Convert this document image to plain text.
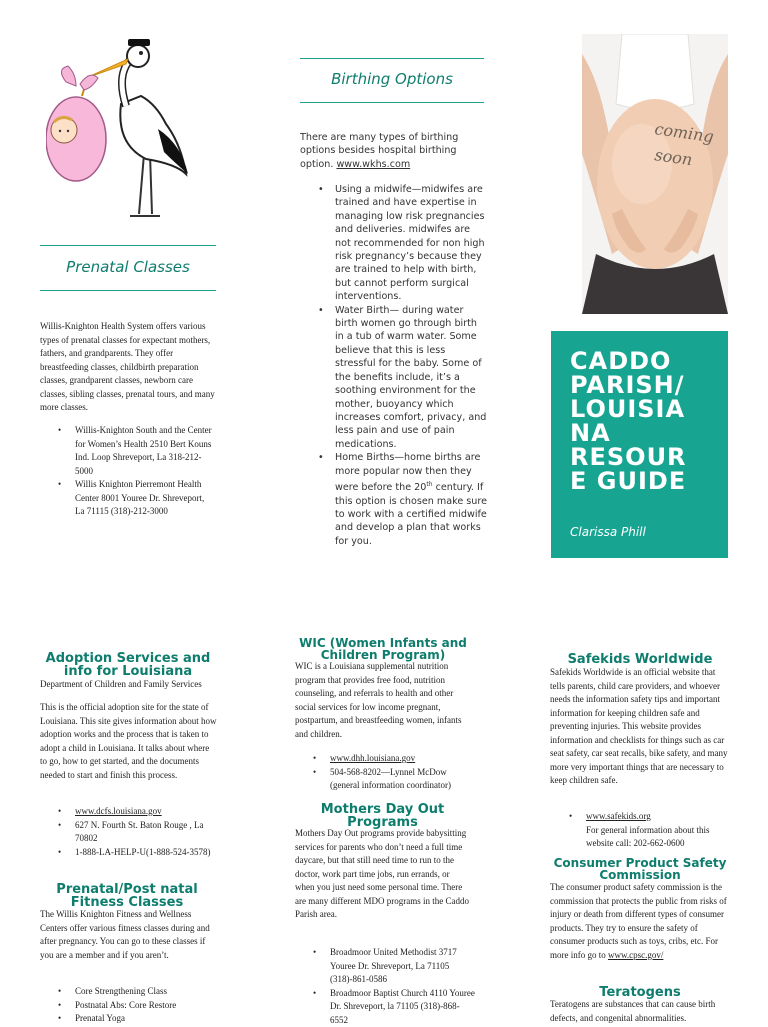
Prenatal Classes
Willis-Knighton Health System offers various types of prenatal classes for expectant mothers, fathers, and grandparents. They offer breastfeeding classes, childbirth preparation classes, grandparent classes, newborn care classes, sibling classes, prenatal tours, and many more classes.
• Willis-Knighton South and the Center for Women’s Health 2510 Bert Kouns Ind. Loop Shreveport, La 318-212-5000
• Willis Knighton Pierremont Health Center 8001 Youree Dr. Shreveport, La 71115 (318)-212-3000
Birthing Options
There are many types of birthing options besides hospital birthing option. www.wkhs.com
• Using a midwife—midwifes are trained and have expertise in managing low risk pregnancies and deliveries. midwifes are not recommended for non high risk pregnancy’s because they are trained to help with birth, but cannot perform surgical interventions.
• Water Birth— during water birth women go through birth in a tub of warm water. Some believe that this is less stressful for the baby. Some of the benefits include, it’s a soothing environment for the mother, buoyancy which increases comfort, privacy, and less pain and use of pain medications.
• Home Births—home births are more popular now then they were before the 20th century. If this option is chosen make sure to work with a certified midwife and develop a plan that works for you.
coming
soon
CADDO
PARISH/
LOUISIA
NA
RESOUR
E GUIDE
Clarissa Phill
Adoption Services and info for Louisiana
Department of Children and Family Services
This is the official adoption site for the state of Louisiana. This site gives information about how adoption works and the process that is taken to adopt a child in Louisiana. It talks about where to go, how to get started, and the documents needed to start and finish this process.
• www.dcfs.louisiana.gov
• 627 N. Fourth St. Baton Rouge , La 70802
• 1-888-LA-HELP-U(1-888-524-3578)
Prenatal/Post natal Fitness Classes
The Willis Knighton Fitness and Wellness Centers offer various fitness classes during and after pregnancy. You can go to these classes if you are a member and if you aren’t.
• Core Strengthening Class
• Postnatal Abs: Core Restore
• Prenatal Yoga
WIC (Women Infants and Children Program)
WIC is a Louisiana supplemental nutrition program that provides free food, nutrition counseling, and referrals to health and other social services for low income pregnant, postpartum, and breastfeeding women, infants and children.
• www.dhh.louisiana.gov
• 504-568-8202—Lynnel McDow (general information coordinator)
Mothers Day Out Programs
Mothers Day Out programs provide babysitting services for parents who don’t need a full time daycare, but that still need time to run to the doctor, work part time jobs, run errands, or when you just need some personal time. There are many different MDO programs in the Caddo Parish area.
• Broadmoor United Methodist 3717 Youree Dr. Shreveport, La 71105 (318)-861-0586
• Broadmoor Baptist Church 4110 Youree Dr. Shreveport, la 71105 (318)-868-6552
Safekids Worldwide
Safekids Worldwide is an official website that tells parents, child care providers, and whoever needs the information safety tips and important information for keeping children safe and preventing injuries. This website provides information and checklists for things such as car seat safety, car seat recalls, bike safety, and many more very important things that are necessary to keep children safe.
• www.safekids.org
For general information about this website call: 202-662-0600
Consumer Product Safety Commission
The consumer product safety commission is the commission that protects the public from risks of injury or death from different types of consumer products. They try to ensure the safety of consumer products such as toys, cribs, etc. For more info go to www.cpsc.gov/
Teratogens
Teratogens are substances that can cause birth defects, and congenital abnormalities.
